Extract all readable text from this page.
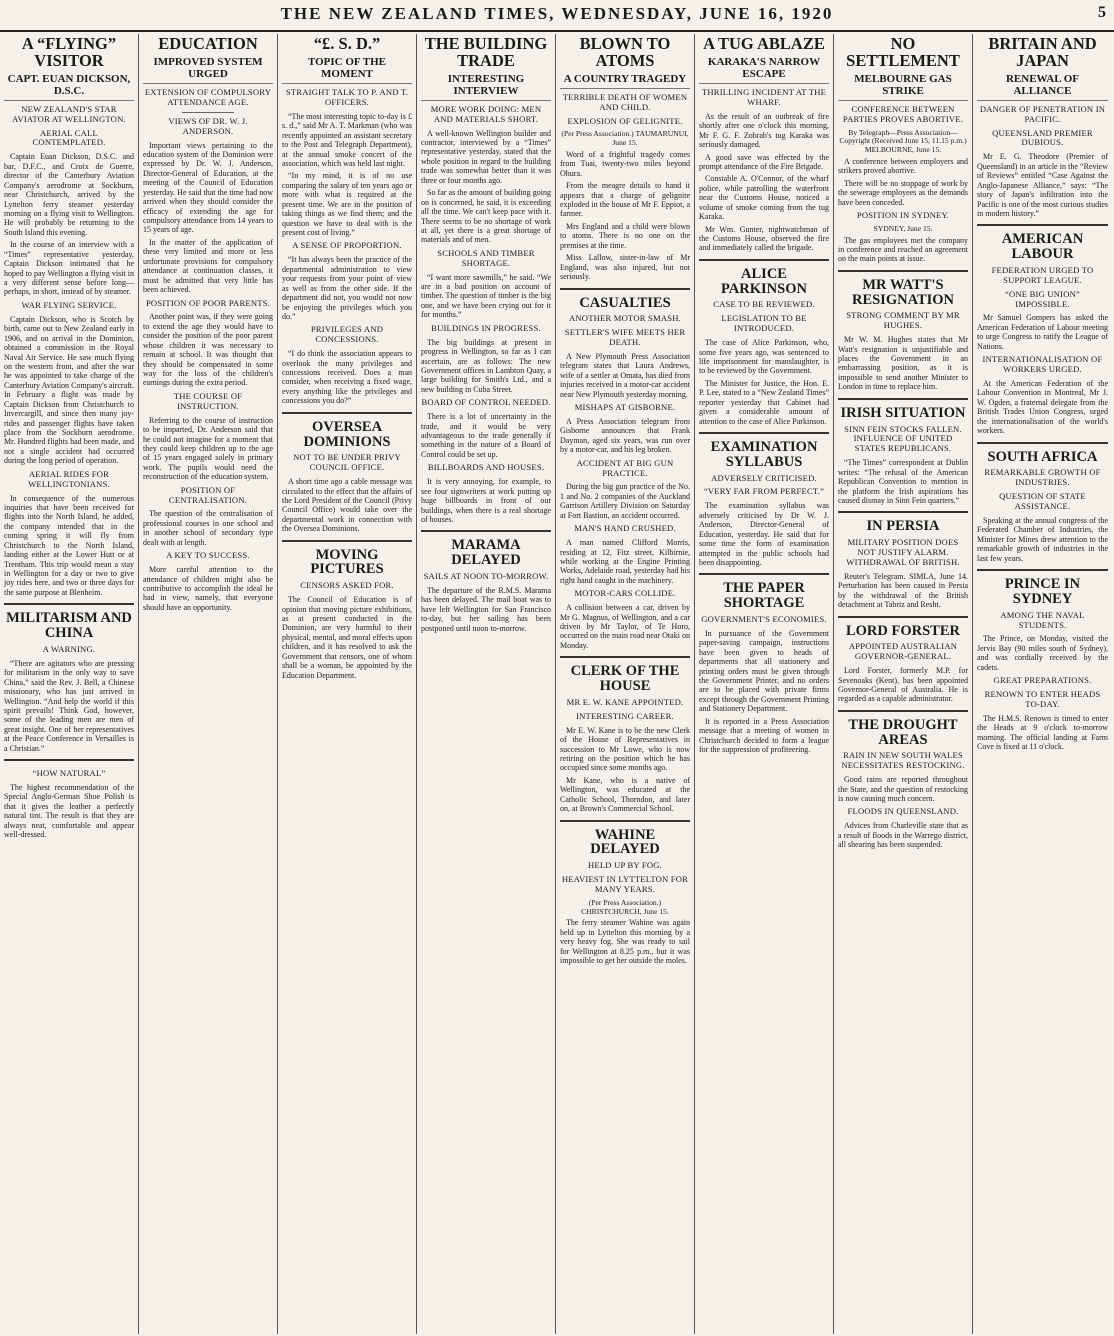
THE NEW ZEALAND TIMES, WEDNESDAY, JUNE 16, 1920	5
A “FLYING” VISITOR
CAPT. EUAN DICKSON, D.S.C.
NEW ZEALAND'S STAR AVIATOR AT WELLINGTON.
AERIAL CALL CONTEMPLATED.

Captain Euan Dickson, D.S.C. and bar, D.F.C., and Croix de Guerre, director of the Canterbury Aviation Company's aerodrome at Sockburn, near Christchurch, arrived by the Lyttelton ferry steamer yesterday morning on a flying visit to Wellington. He will probably be returning to the South Island this evening.

In the course of an interview with a “Times” representative yesterday, Captain Dickson intimated that he hoped to pay Wellington a flying visit in a very different sense before long—perhaps, in short, instead of by steamer.

WAR FLYING SERVICE.

Captain Dickson, who is Scotch by birth, came out to New Zealand early in 1906, and on arrival in the Dominion, obtained a commission in the Royal Naval Air Service. He saw much flying on the western front, and after the war he was appointed to take charge of the Canterbury Aviation Company's aircraft. In February a flight was made by Captain Dickson from Christchurch to Invercargill, and since then many joy-rides and passenger flights have taken place from the Sockburn aerodrome. Mr. Hundred flights had been made, and not a single accident had occurred during the long period of operation.

AERIAL RIDES FOR WELLINGTONIANS.

In consequence of the numerous inquiries that have been received for flights into the North Island, he added, the company intended that in the coming spring it will fly from Christchurch to the North Island, landing either at the Lower Hutt or at Trentham. This trip would mean a stay in Wellington for a day or two to give joy rides here, and two or three days for the same purpose at Blenheim.

MILITARISM AND CHINA
A WARNING.

“There are agitators who are pressing for militarism in the only way to save China,” said the Rev. J. Bell, a Chinese missionary, who has just arrived in Wellington. “And help the world if this spirit prevails! Think God, however, some of the leading men are men of great insight. One of her representatives at the Peace Conference in Versailles is a Christian.”

“HOW NATURAL”

The highest recommendation of the Special Anglo-German Shoe Polish is that it gives the leather a perfectly natural tint. The result is that they are always neat, comfortable and appear well-dressed.

EDUCATION
IMPROVED SYSTEM URGED
EXTENSION OF COMPULSORY ATTENDANCE AGE.
VIEWS OF DR. W. J. ANDERSON.

Important views pertaining to the education system of the Dominion were expressed by Dr. W. J. Anderson, Director-General of Education, at the meeting of the Council of Education yesterday. He said that the time had now arrived when they should consider the efficacy of extending the age for compulsory attendance from 14 years to 15 years of age.

In the matter of the application of these very limited and more or less unfortunate provisions for compulsory attendance at continuation classes, it must be admitted that very little has been achieved.

POSITION OF POOR PARENTS.

Another point was, if they were going to extend the age they would have to consider the position of the poor parent whose children it was necessary to remain at school. It was thought that they should be compensated in some way for the loss of the children's earnings during the extra period.

THE COURSE OF INSTRUCTION.

Referring to the course of instruction to be imparted, Dr. Anderson said that he could not imagine for a moment that they could keep children up to the age of 15 years engaged solely in primary work. The pupils would need the reconstruction of the education system.

POSITION OF CENTRALISATION.

The question of the centralisation of professional courses in one school and in another school of secondary type dealt with at length.

A KEY TO SUCCESS.

More careful attention to the attendance of children might also be contributive to accomplish the ideal he had in view, namely, that everyone should have an opportunity.

“£. S. D.”
TOPIC OF THE MOMENT
STRAIGHT TALK TO P. AND T. OFFICERS.

“The most interesting topic to-day is £ s. d.,” said Mr A. T. Markman (who was recently appointed an assistant secretary to the Post and Telegraph Department), at the annual smoke concert of the association, which was held last night.

“In my mind, it is of no use comparing the salary of ten years ago or more with what is required at the present time. We are in the position of taking things as we find them; and the question we have to deal with is the present cost of living.”

A SENSE OF PROPORTION.

“It has always been the practice of the departmental administration to view your requests from your point of view as well as from the other side. If the department did not, you would not now be enjoying the privileges which you do.”

PRIVILEGES AND CONCESSIONS.

“I do think the association appears to overlook the many privileges and concessions received. Does a man consider, when receiving a fixed wage, every anything like the privileges and concessions you do?”

OVERSEA DOMINIONS
NOT TO BE UNDER PRIVY COUNCIL OFFICE.

A short time ago a cable message was circulated to the effect that the affairs of the Lord President of the Council (Privy Council Office) would take over the departmental work in connection with the Oversea Dominions.

MOVING PICTURES
CENSORS ASKED FOR.

The Council of Education is of opinion that moving picture exhibitions, as at present conducted in the Dominion, are very harmful to their physical, mental, and moral effects upon children, and it has resolved to ask the Government that censors, one of whom shall be a woman, be appointed by the Education Department.

THE BUILDING TRADE
INTERESTING INTERVIEW
MORE WORK DOING: MEN AND MATERIALS SHORT.

A well-known Wellington builder and contractor, interviewed by a “Times” representative yesterday, stated that the whole position in regard to the building trade was somewhat better than it was three or four months ago.

So far as the amount of building going on is concerned, he said, it is exceeding all the time. We can't keep pace with it. There seems to be no shortage of work at all, yet there is a great shortage of materials and of men.

SCHOOLS AND TIMBER SHORTAGE.

“I want more sawmills,” he said. “We are in a bad position on account of timber. The question of timber is the big one, and we have been crying out for it for months.”

BUILDINGS IN PROGRESS.

The big buildings at present in progress in Wellington, so far as I can ascertain, are as follows: The new Government offices in Lambton Quay, a large building for Smith's Ltd., and a new building in Cuba Street.

BOARD OF CONTROL NEEDED.

There is a lot of uncertainty in the trade, and it would be very advantageous to the trade generally if something in the nature of a Board of Control could be set up.

BILLBOARDS AND HOUSES.

It is very annoying, for example, to see four signwriters at work putting up huge billboards in front of our buildings, when there is a real shortage of houses.

MARAMA DELAYED
SAILS AT NOON TO-MORROW.

The departure of the R.M.S. Marama has been delayed. The mail boat was to have left Wellington for San Francisco to-day, but her sailing has been postponed until noon to-morrow.

BLOWN TO ATOMS
A COUNTRY TRAGEDY
TERRIBLE DEATH OF WOMEN AND CHILD.
EXPLOSION OF GELIGNITE.
(Per Press Association.) TAUMARUNUI, June 15.

Word of a frightful tragedy comes from Tuai, twenty-two miles beyond Ohura.

From the meagre details to hand it appears that a charge of gelignite exploded in the house of Mr F. Eppiot, a farmer.

Mrs England and a child were blown to atoms. There is no one on the premises at the time.

Miss Lallow, sister-in-law of Mr England, was also injured, but not seriously.

CASUALTIES
ANOTHER MOTOR SMASH.
SETTLER'S WIFE MEETS HER DEATH.

A New Plymouth Press Association telegram states that Laura Andrews, wife of a settler at Omata, has died from injuries received in a motor-car accident near New Plymouth yesterday morning.

MISHAPS AT GISBORNE.

A Press Association telegram from Gisborne announces that Frank Dayman, aged six years, was run over by a motor-car, and his leg broken.

ACCIDENT AT BIG GUN PRACTICE.

During the big gun practice of the No. 1 and No. 2 companies of the Auckland Garrison Artillery Division on Saturday at Fort Bastion, an accident occurred.

MAN'S HAND CRUSHED.

A man named Clifford Morris, residing at 12, Fitz street, Kilbirnie, while working at the Engine Printing Works, Adelaide road, yesterday had his right hand caught in the machinery.

MOTOR-CARS COLLIDE.

A collision between a car, driven by Mr G. Magnus, of Wellington, and a car driven by Mr Taylor, of Te Horo, occurred on the main road near Otaki on Monday.

CLERK OF THE HOUSE
MR E. W. KANE APPOINTED.
INTERESTING CAREER.

Mr E. W. Kane is to be the new Clerk of the House of Representatives in succession to Mr Lowe, who is now retiring on the position which he has occupied since some months ago.

Mr Kane, who is a native of Wellington, was educated at the Catholic School, Thorndon, and later on, at Brown's Commercial School.

WAHINE DELAYED
HELD UP BY FOG.
HEAVIEST IN LYTTELTON FOR MANY YEARS.
(Per Press Association.) CHRISTCHURCH, June 15.

The ferry steamer Wahine was again held up in Lyttelton this morning by a very heavy fog. She was ready to sail for Wellington at 8.25 p.m., but it was impossible to get her outside the moles.

A TUG ABLAZE
KARAKA'S NARROW ESCAPE
THRILLING INCIDENT AT THE WHARF.

As the result of an outbreak of fire shortly after one o'clock this morning, Mr F. G. F. Zohrab's tug Karaka was seriously damaged.

A good save was effected by the prompt attendance of the Fire Brigade.

Constable A. O'Connor, of the wharf police, while patrolling the waterfront near the Customs House, noticed a volume of smoke coming from the tug Karaka.

Mr Wm. Gunter, nightwatchman of the Customs House, observed the fire and immediately called the brigade.

ALICE PARKINSON
CASE TO BE REVIEWED.
LEGISLATION TO BE INTRODUCED.

The case of Alice Parkinson, who, some five years ago, was sentenced to life imprisonment for manslaughter, is to be reviewed by the Government.

The Minister for Justice, the Hon. E. P. Lee, stated to a “New Zealand Times” reporter yesterday that Cabinet had given a considerable amount of attention to the case of Alice Parkinson.

EXAMINATION SYLLABUS
ADVERSELY CRITICISED.
“VERY FAR FROM PERFECT.”

The examination syllabus was adversely criticised by Dr W. J. Anderson, Director-General of Education, yesterday. He said that for some time the form of examination attempted in the public schools had been disappointing.

THE PAPER SHORTAGE
GOVERNMENT'S ECONOMIES.

In pursuance of the Government paper-saving campaign, instructions have been given to heads of departments that all stationery and printing orders must be given through the Government Printer, and no orders are to be placed with private firms except through the Government Printing and Stationery Department.

It is reported in a Press Association message that a meeting of women in Christchurch decided to form a league for the suppression of profiteering.

NO SETTLEMENT
MELBOURNE GAS STRIKE
CONFERENCE BETWEEN PARTIES PROVES ABORTIVE.
By Telegraph—Press Association—Copyright (Received June 15, 11.15 p.m.) MELBOURNE, June 15.

A conference between employers and strikers proved abortive.

There will be no stoppage of work by the sewerage employees as the demands have been conceded.

POSITION IN SYDNEY.
SYDNEY, June 15.

The gas employees met the company in conference and reached an agreement on the main points at issue.

MR WATT'S RESIGNATION
STRONG COMMENT BY MR HUGHES.

Mr W. M. Hughes states that Mr Watt's resignation is unjustifiable and places the Government in an embarrassing position, as it is impossible to send another Minister to London in time to replace him.

IRISH SITUATION
SINN FEIN STOCKS FALLEN. INFLUENCE OF UNITED STATES REPUBLICANS.

“The Times” correspondent at Dublin writes: “The refusal of the American Republican Convention to mention in the platform the Irish aspirations has caused dismay in Sinn Fein quarters.”

IN PERSIA
MILITARY POSITION DOES NOT JUSTIFY ALARM. WITHDRAWAL OF BRITISH.

Reuter's Telegram. SIMLA, June 14. Perturbation has been caused in Persia by the withdrawal of the British detachment at Tabriz and Resht.

LORD FORSTER
APPOINTED AUSTRALIAN GOVERNOR-GENERAL.

Lord Forster, formerly M.P. for Sevenoaks (Kent), has been appointed Governor-General of Australia. He is regarded as a capable administrator.

THE DROUGHT AREAS
RAIN IN NEW SOUTH WALES NECESSITATES RESTOCKING.

Good rains are reported throughout the State, and the question of restocking is now causing much concern.

FLOODS IN QUEENSLAND.

Advices from Charleville state that as a result of floods in the Warrego district, all shearing has been suspended.

BRITAIN AND JAPAN
RENEWAL OF ALLIANCE
DANGER OF PENETRATION IN PACIFIC.
QUEENSLAND PREMIER DUBIOUS.

Mr E. G. Theodore (Premier of Queensland) in an article in the “Review of Reviews” entitled “Case Against the Anglo-Japanese Alliance,” says: “The story of Japan's infiltration into the Pacific is one of the most curious studies in modern history.”

AMERICAN LABOUR
FEDERATION URGED TO SUPPORT LEAGUE.
“ONE BIG UNION” IMPOSSIBLE.

Mr Samuel Gompers has asked the American Federation of Labour meeting to urge Congress to ratify the League of Nations.

INTERNATIONALISATION OF WORKERS URGED.

At the American Federation of the Labour Convention in Montreal, Mr J. W. Ogden, a fraternal delegate from the British Trades Union Congress, urged the internationalisation of the world's workers.

SOUTH AFRICA
REMARKABLE GROWTH OF INDUSTRIES.
QUESTION OF STATE ASSISTANCE.

Speaking at the annual congress of the Federated Chamber of Industries, the Minister for Mines drew attention to the remarkable growth of industries in the last few years.

PRINCE IN SYDNEY
AMONG THE NAVAL STUDENTS.

The Prince, on Monday, visited the Jervis Bay (90 miles south of Sydney), and was cordially received by the cadets.

GREAT PREPARATIONS.
RENOWN TO ENTER HEADS TO-DAY.

The H.M.S. Renown is timed to enter the Heads at 9 o'clock to-morrow morning. The official landing at Farm Cove is fixed at 11 o'clock.
